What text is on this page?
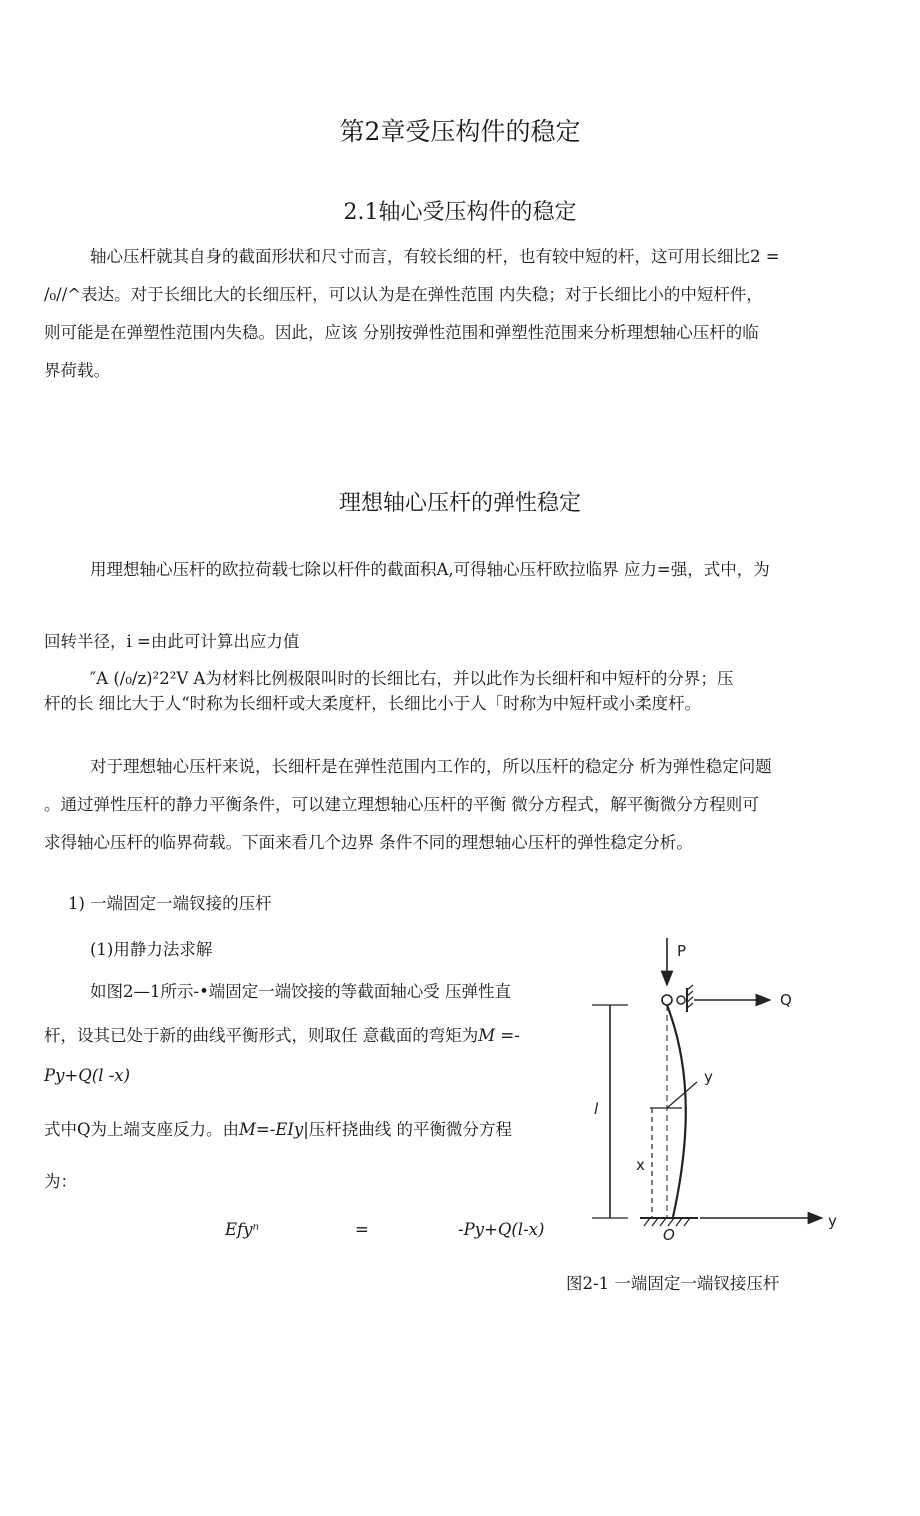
第2章受压构件的稳定
2.1轴心受压构件的稳定
轴心压杆就其自身的截面形状和尺寸而言，有较长细的杆，也有较中短的杆，这可用长细比2 =
/₀//^表达。对于长细比大的长细压杆，可以认为是在弹性范围 内失稳；对于长细比小的中短杆件，
则可能是在弹塑性范围内失稳。因此，应该 分别按弹性范围和弹塑性范围来分析理想轴心压杆的临
界荷载。
理想轴心压杆的弹性稳定
用理想轴心压杆的欧拉荷载七除以杆件的截面积A,可得轴心压杆欧拉临界 应力=强，式中，为
回转半径，i =由此可计算出应力值
″A (/₀/z)²2²V A为材料比例极限叫时的长细比右，并以此作为长细杆和中短杆的分界；压
杆的长 细比大于人“时称为长细杆或大柔度杆，长细比小于人「时称为中短杆或小柔度杆。
对于理想轴心压杆来说，长细杆是在弹性范围内工作的，所以压杆的稳定分 析为弹性稳定问题
。通过弹性压杆的静力平衡条件，可以建立理想轴心压杆的平衡 微分方程式，解平衡微分方程则可
求得轴心压杆的临界荷载。下面来看几个边界 条件不同的理想轴心压杆的弹性稳定分析。
1) 一端固定一端钗接的压杆
(1)用静力法求解
如图2—1所示-•端固定一端饺接的等截面轴心受 压弹性直
杆，设其已处于新的曲线平衡形式，则取任 意截面的弯矩为M =-
Py+Q(l -x)
式中Q为上端支座反力。由M=-EIy|压杆挠曲线 的平衡微分方程
为：
Efyⁿ	=	-Py+Q(l-x)
P
Q
y
l
x
O
y
图2-1 一端固定一端钗接压杆
